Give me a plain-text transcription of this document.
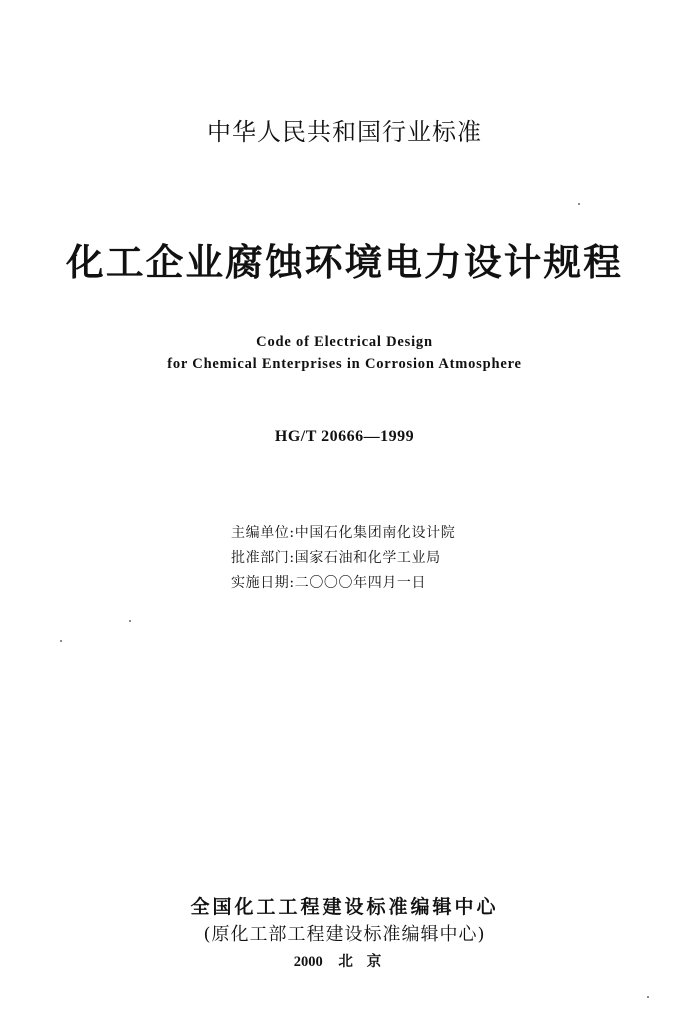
中华人民共和国行业标准
化工企业腐蚀环境电力设计规程
Code of Electrical Design
for Chemical Enterprises in Corrosion Atmosphere
HG/T 20666—1999
主编单位:中国石化集团南化设计院
批准部门:国家石油和化学工业局
实施日期:二〇〇〇年四月一日
全国化工工程建设标准编辑中心
(原化工部工程建设标准编辑中心)
2000 北京
